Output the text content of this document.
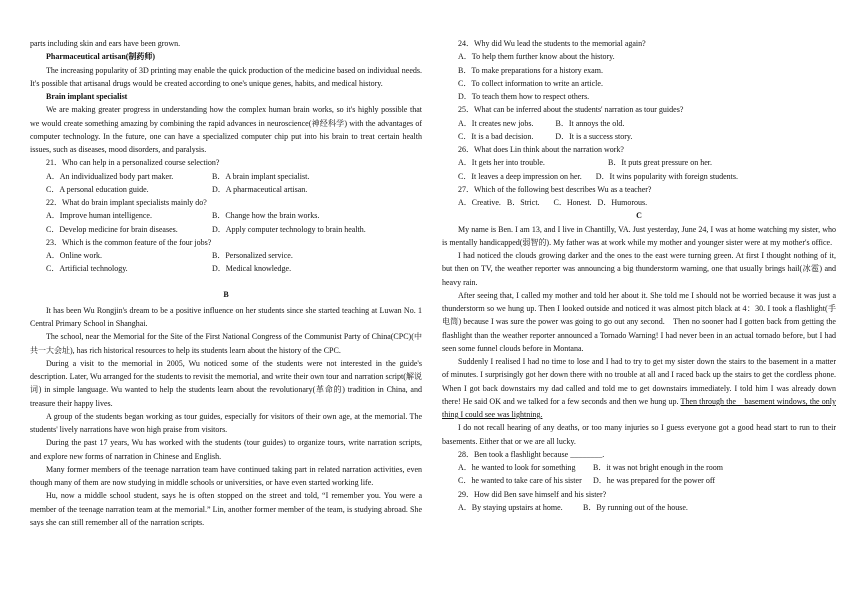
parts including skin and ears have been grown.
Pharmaceutical artisan(制药师)
The increasing popularity of 3D printing may enable the quick production of the medicine based on individual needs. It's possible that artisanal drugs would be created according to one's unique genes, habits, and medical history.
Brain implant specialist
We are making greater progress in understanding how the complex human brain works, so it's highly possible that we would create something amazing by combining the rapid advances in neuroscience(神经科学) with the advantages of computer technology. In the future, one can have a specialized computer chip put into his brain to treat certain health issues, such as diseases, mood disorders, and paralysis.
21．Who can help in a personalized course selection?
A．An individualized body part maker.	B．A brain implant specialist.
C．A personal education guide.	D．A pharmaceutical artisan.
22．What do brain implant specialists mainly do?
A．Improve human intelligence.	B．Change how the brain works.
C．Develop medicine for brain diseases.	D．Apply computer technology to brain health.
23．Which is the common feature of the four jobs?
A．Online work.	B．Personalized service.
C．Artificial technology.	D．Medical knowledge.
B
It has been Wu Rongjin's dream to be a positive influence on her students since she started teaching at Luwan No. 1 Central Primary School in Shanghai.
The school, near the Memorial for the Site of the First National Congress of the Communist Party of China(CPC)(中共一大会址), has rich historical resources to help its students learn about the history of the CPC.
During a visit to the memorial in 2005, Wu noticed some of the students were not interested in the guide's description. Later, Wu arranged for the students to revisit the memorial, and write their own tour and narration script(解说词) in simple language. Wu wanted to help the students learn about the revolutionary(革命的) tradition in China, and treasure their happy lives.
A group of the students began working as tour guides, especially for visitors of their own age, at the memorial. The students' lively narrations have won high praise from visitors.
During the past 17 years, Wu has worked with the students (tour guides) to organize tours, write narration scripts, and explore new forms of narration in Chinese and English.
Many former members of the teenage narration team have continued taking part in related narration activities, even though many of them are now studying in middle schools or universities, or have even started working life.
Hu, now a middle school student, says he is often stopped on the street and told, “I remember you. You were a member of the teenage narration team at the memorial.” Lin, another former member of the team, is studying abroad. She says she can still remember all of the narration scripts.
24．Why did Wu lead the students to the memorial again?
A．To help them further know about the history.
B．To make preparations for a history exam.
C．To collect information to write an article.
D．To teach them how to respect others.
25．What can be inferred about the students' narration as tour guides?
A．It creates new jobs.	B．It annoys the old.
C．It is a bad decision.	D．It is a success story.
26．What does Lin think about the narration work?
A．It gets her into trouble.	B．It puts great pressure on her.
C．It leaves a deep impression on her. D．It wins popularity with foreign students.
27．Which of the following best describes Wu as a teacher?
A．Creative. B．Strict. C．Honest. D．Humorous.
C
My name is Ben. I am 13, and I live in Chantilly, VA. Just yesterday, June 24, I was at home watching my sister, who is mentally handicapped(弱智的). My father was at work while my mother and younger sister were at my mother's office.
I had noticed the clouds growing darker and the ones to the east were turning green. At first I thought nothing of it, but then on TV, the weather reporter was announcing a big thunderstorm warning, one that usually brings hail(冰雹) and heavy rain.
After seeing that, I called my mother and told her about it. She told me I should not be worried because it was just a thunderstorm so we hung up. Then I looked outside and noticed it was almost pitch black at 4：30. I took a flashlight(手电筒) because I was sure the power was going to go out any second.　Then no sooner had I gotten back from getting the flashlight than the weather reporter announced a Tornado Warning! I had never been in an actual tornado before, but I had seen some funnel clouds before in Montana.
Suddenly I realised I had no time to lose and I had to try to get my sister down the stairs to the basement in a matter of minutes. I surprisingly got her down there with no trouble at all and I raced back up the stairs to get the cordless phone. When I got back downstairs my dad called and told me to get downstairs immediately. I told him I was already down there! He said OK and we talked for a few seconds and then we hung up. Then through the　basement windows, the only thing I could see was lightning.
I do not recall hearing of any deaths, or too many injuries so I guess everyone got a good head start to run to their basements. Either that or we are all lucky.
28．Ben took a flashlight because ________.
A．he wanted to look for something B．it was not bright enough in the room
C．he wanted to take care of his sister D．he was prepared for the power off
29．How did Ben save himself and his sister?
A．By staying upstairs at home.	B．By running out of the house.
